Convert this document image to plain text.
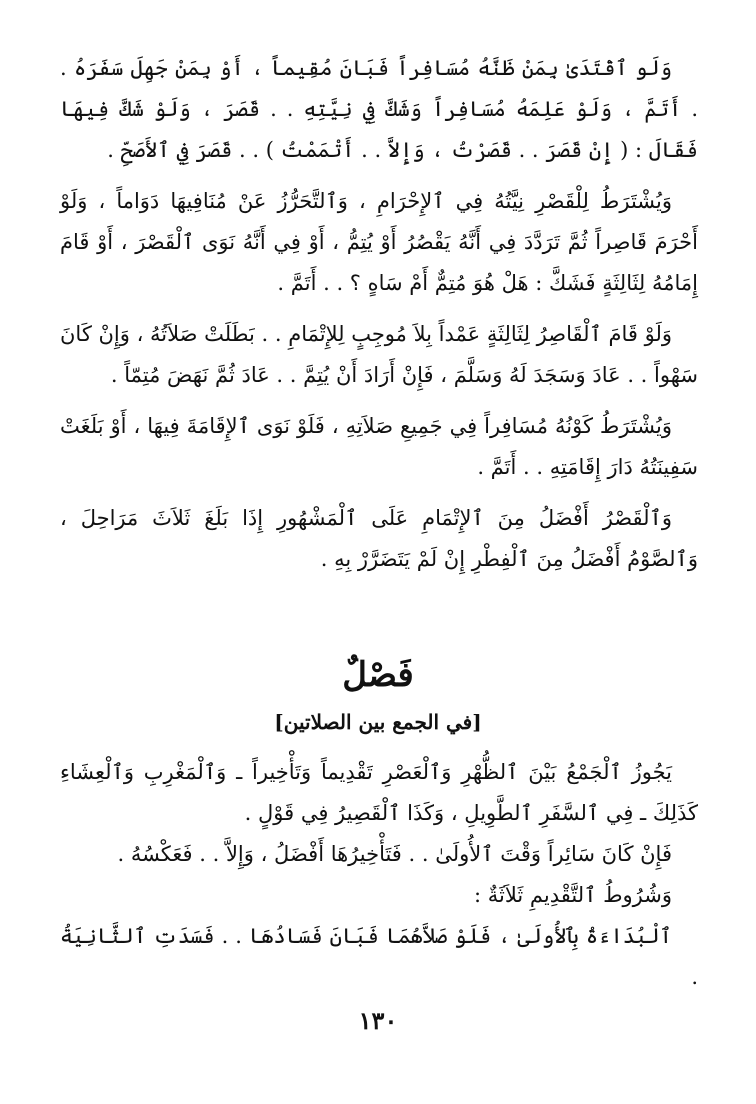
وَلَو ٱقْتَدَىٰ بِمَنْ ظَنَّهُ مُسَافِراً فَبَانَ مُقِيماً ، أَوْ بِمَنْ جَهِلَ سَفَرَهُ . . أَتَمَّ ، وَلَوْ عَلِمَهُ مُسَافِراً وَشَكَّ فِي نِيَّتِهِ . . قَصَرَ ، وَلَوْ شَكَّ فِيهَا فَقَالَ : ( إِنْ قَصَرَ . . قَصَرْتُ ، وَإِلاَّ . . أَتْمَمْتُ ) . . قَصَرَ فِي ٱلأَصَحِّ .

وَيُشْتَرَطُ لِلْقَصْرِ نِيَّتُهُ فِي ٱلإِحْرَامِ ، وَٱلتَّحَرُّزُ عَنْ مُنَافِيهَا دَوَاماً ، وَلَوْ أَحْرَمَ قَاصِراً ثُمَّ تَرَدَّدَ فِي أَنَّهُ يَقْصُرُ أَوْ يُتِمُّ ، أَوْ فِي أَنَّهُ نَوَى ٱلْقَصْرَ ، أَوْ قَامَ إِمَامُهُ لِثَالِثَةٍ فَشَكَّ : هَلْ هُوَ مُتِمٌّ أَمْ سَاهٍ ؟ . . أَتَمَّ .

وَلَوْ قَامَ ٱلْقَاصِرُ لِثَالِثَةٍ عَمْداً بِلاَ مُوجِبٍ لِلإِتْمَامِ . . بَطَلَتْ صَلاَتُهُ ، وَإِنْ كَانَ سَهْواً . . عَادَ وَسَجَدَ لَهُ وَسَلَّمَ ، فَإِنْ أَرَادَ أَنْ يُتِمَّ . . عَادَ ثُمَّ نَهَضَ مُتِمّاً .

وَيُشْتَرَطُ كَوْنُهُ مُسَافِراً فِي جَمِيعِ صَلاَتِهِ ، فَلَوْ نَوَى ٱلإِقَامَةَ فِيهَا ، أَوْ بَلَغَتْ سَفِينَتُهُ دَارَ إِقَامَتِهِ . . أَتَمَّ .

وَٱلْقَصْرُ أَفْضَلُ مِنَ ٱلإِتْمَامِ عَلَى ٱلْمَشْهُورِ إِذَا بَلَغَ ثَلاَثَ مَرَاحِلَ ، وَٱلصَّوْمُ أَفْضَلُ مِنَ ٱلْفِطْرِ إِنْ لَمْ يَتَضَرَّرْ بِهِ .

فَصْلٌ
[في الجمع بين الصلاتين]

يَجُوزُ ٱلْجَمْعُ بَيْنَ ٱلظُّهْرِ وَٱلْعَصْرِ تَقْدِيماً وَتَأْخِيراً ـ وَٱلْمَغْرِبِ وَٱلْعِشَاءِ كَذَلِكَ ـ فِي ٱلسَّفَرِ ٱلطَّوِيلِ ، وَكَذَا ٱلْقَصِيرُ فِي قَوْلٍ .

فَإِنْ كَانَ سَائِراً وَقْتَ ٱلأُولَىٰ . . فَتَأْخِيرُهَا أَفْضَلُ ، وَإِلاَّ . . فَعَكْسُهُ .

وَشُرُوطُ ٱلتَّقْدِيمِ ثَلاَثَةٌ :

ٱلْبُدَاءَةُ بِٱلأُولَىٰ ، فَلَوْ صَلاَّهُمَا فَبَانَ فَسَادُهَا . . فَسَدَتِ ٱلثَّانِيَةُ .

١٣٠
